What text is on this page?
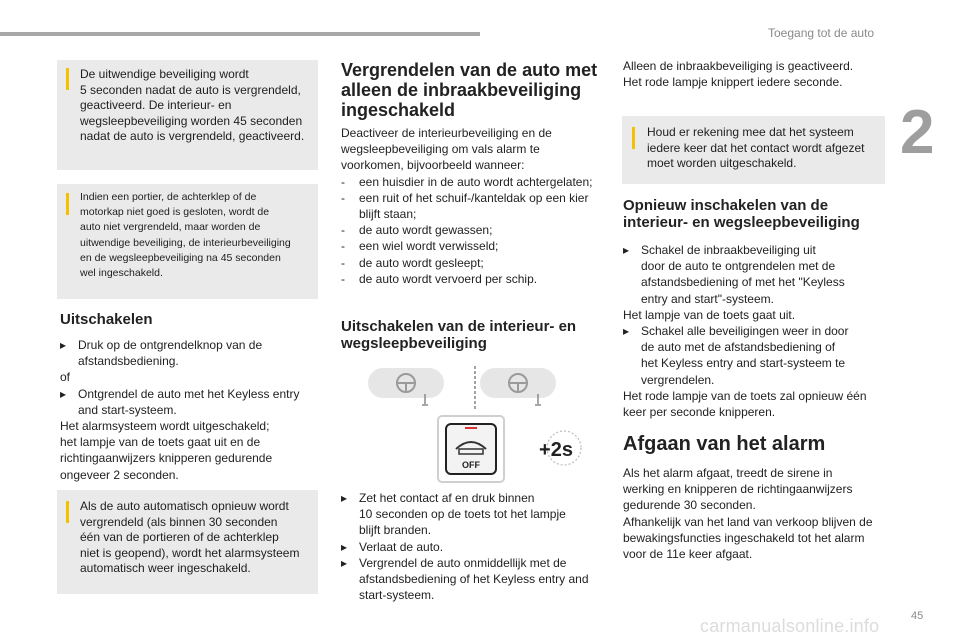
Toegang tot de auto
2
45
carmanualsonline.info
De uitwendige beveiliging wordt
5 seconden nadat de auto is vergrendeld,
geactiveerd. De interieur- en
wegsleepbeveiliging worden 45 seconden
nadat de auto is vergrendeld, geactiveerd.
Indien een portier, de achterklep of de
motorkap niet goed is gesloten, wordt de
auto niet vergrendeld, maar worden de
uitwendige beveiliging, de interieurbeveiliging
en de wegsleepbeveiliging na 45 seconden
wel ingeschakeld.
Uitschakelen
▸ Druk op de ontgrendelknop van de
afstandsbediening.
of
▸ Ontgrendel de auto met het Keyless entry
and start-systeem.
Het alarmsysteem wordt uitgeschakeld;
het lampje van de toets gaat uit en de
richtingaanwijzers knipperen gedurende
ongeveer 2 seconden.
Als de auto automatisch opnieuw wordt
vergrendeld (als binnen 30 seconden
één van de portieren of de achterklep
niet is geopend), wordt het alarmsysteem
automatisch weer ingeschakeld.
Vergrendelen van de auto met
alleen de inbraakbeveiliging
ingeschakeld
Deactiveer de interieurbeveiliging en de
wegsleepbeveiliging om vals alarm te
voorkomen, bijvoorbeeld wanneer:
- een huisdier in de auto wordt achtergelaten;
- een ruit of het schuif-/kanteldak op een kier
blijft staan;
- de auto wordt gewassen;
- een wiel wordt verwisseld;
- de auto wordt gesleept;
- de auto wordt vervoerd per schip.
Uitschakelen van de interieur- en
wegsleepbeveiliging
OFF
+2s
▸ Zet het contact af en druk binnen
10 seconden op de toets tot het lampje
blijft branden.
▸ Verlaat de auto.
▸ Vergrendel de auto onmiddellijk met de
afstandsbediening of het Keyless entry and
start-systeem.
Alleen de inbraakbeveiliging is geactiveerd.
Het rode lampje knippert iedere seconde.
Houd er rekening mee dat het systeem
iedere keer dat het contact wordt afgezet
moet worden uitgeschakeld.
Opnieuw inschakelen van de
interieur- en wegsleepbeveiliging
▸ Schakel de inbraakbeveiliging uit
door de auto te ontgrendelen met de
afstandsbediening of met het "Keyless
entry and start"-systeem.
Het lampje van de toets gaat uit.
▸ Schakel alle beveiligingen weer in door
de auto met de afstandsbediening of
het Keyless entry and start-systeem te
vergrendelen.
Het rode lampje van de toets zal opnieuw één
keer per seconde knipperen.
Afgaan van het alarm
Als het alarm afgaat, treedt de sirene in
werking en knipperen de richtingaanwijzers
gedurende 30 seconden.
Afhankelijk van het land van verkoop blijven de
bewakingsfuncties ingeschakeld tot het alarm
voor de 11e keer afgaat.
